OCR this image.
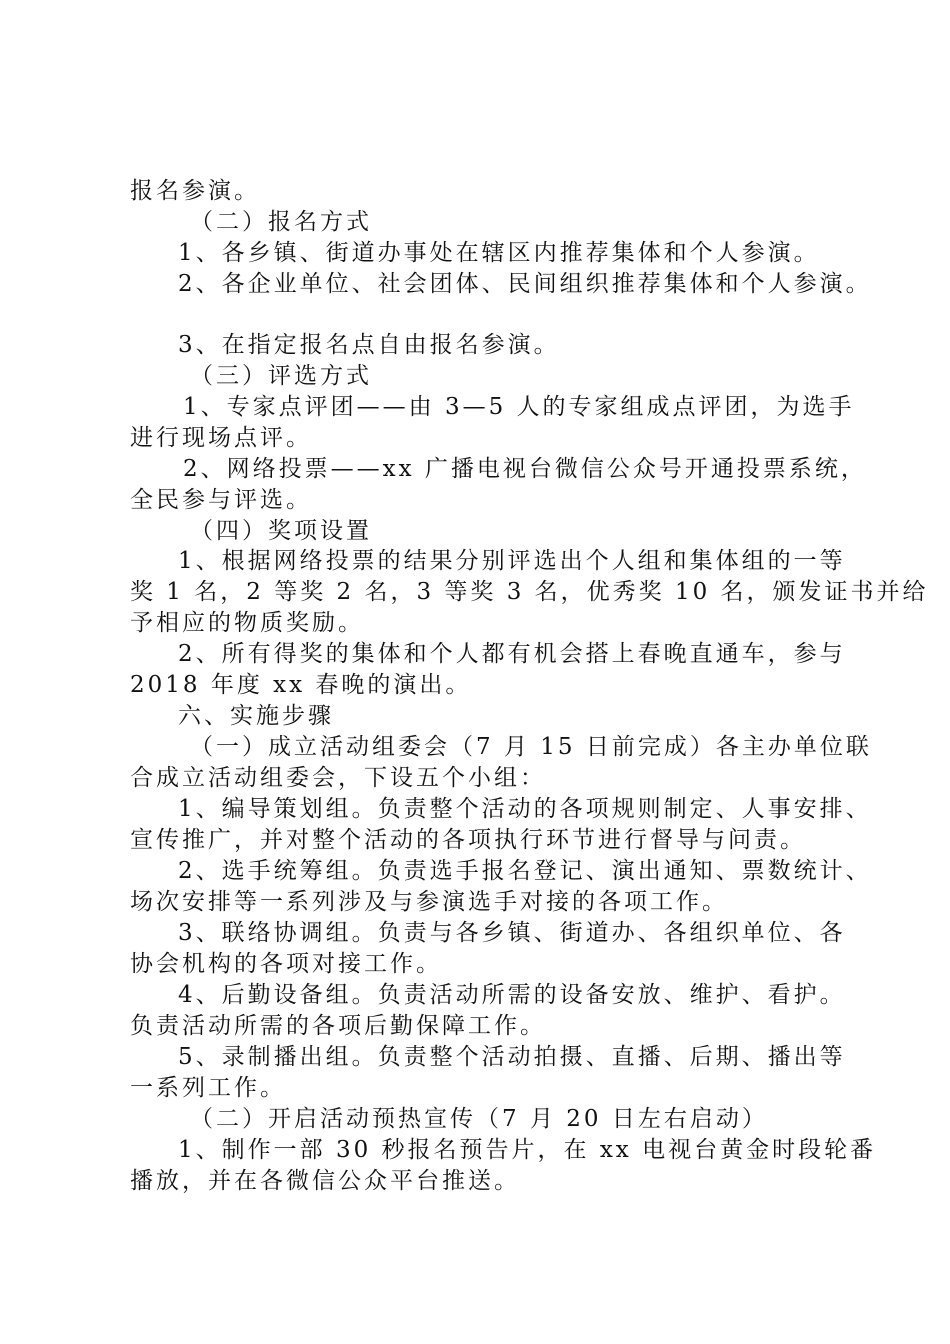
报名参演。
（二）报名方式
1、各乡镇、街道办事处在辖区内推荐集体和个人参演。
2、各企业单位、社会团体、民间组织推荐集体和个人参演。
3、在指定报名点自由报名参演。
（三）评选方式
1、专家点评团——由 3—5 人的专家组成点评团，为选手
进行现场点评。
2、网络投票——xx 广播电视台微信公众号开通投票系统，
全民参与评选。
（四）奖项设置
1、根据网络投票的结果分别评选出个人组和集体组的一等
奖 1 名，2 等奖 2 名，3 等奖 3 名，优秀奖 10 名，颁发证书并给
予相应的物质奖励。
2、所有得奖的集体和个人都有机会搭上春晚直通车，参与
2018 年度 xx 春晚的演出。
六、实施步骤
（一）成立活动组委会（7 月 15 日前完成）各主办单位联
合成立活动组委会，下设五个小组：
1、编导策划组。负责整个活动的各项规则制定、人事安排、
宣传推广，并对整个活动的各项执行环节进行督导与问责。
2、选手统筹组。负责选手报名登记、演出通知、票数统计、
场次安排等一系列涉及与参演选手对接的各项工作。
3、联络协调组。负责与各乡镇、街道办、各组织单位、各
协会机构的各项对接工作。
4、后勤设备组。负责活动所需的设备安放、维护、看护。
负责活动所需的各项后勤保障工作。
5、录制播出组。负责整个活动拍摄、直播、后期、播出等
一系列工作。
（二）开启活动预热宣传（7 月 20 日左右启动）
1、制作一部 30 秒报名预告片，在 xx 电视台黄金时段轮番
播放，并在各微信公众平台推送。
